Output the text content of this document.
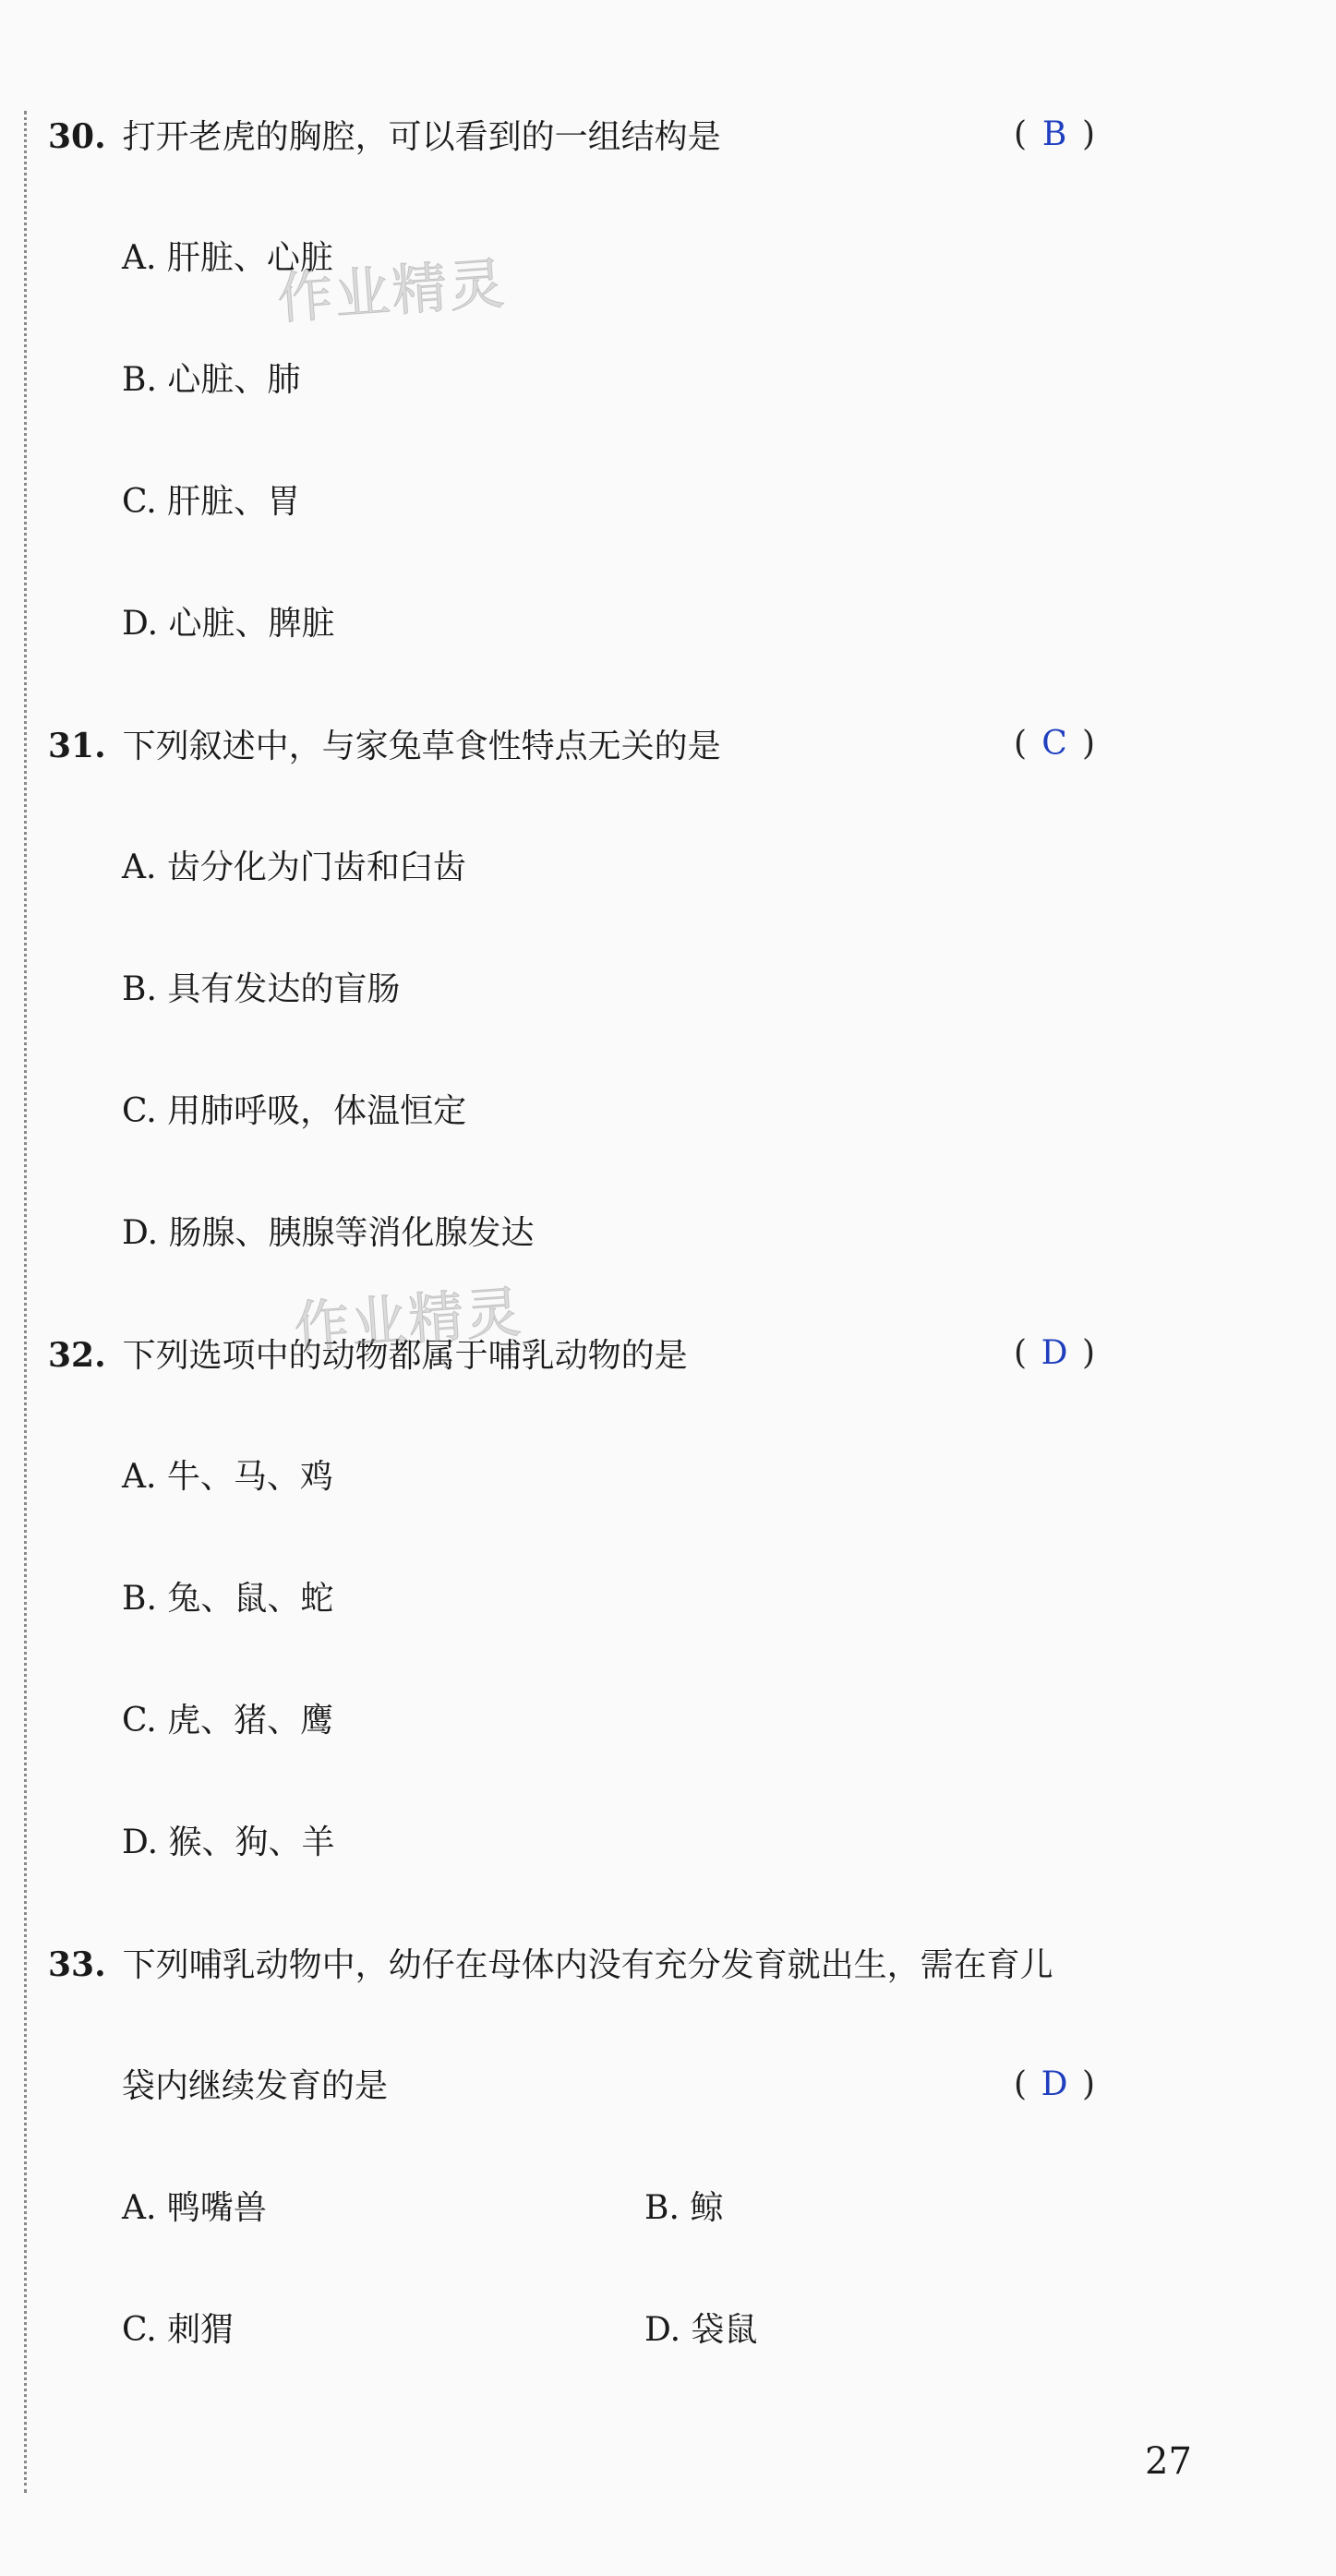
30. 打开老虎的胸腔，可以看到的一组结构是	( B )
A. 肝脏、心脏
B. 心脏、肺
C. 肝脏、胃
D. 心脏、脾脏
31. 下列叙述中，与家兔草食性特点无关的是	( C )
A. 齿分化为门齿和臼齿
B. 具有发达的盲肠
C. 用肺呼吸，体温恒定
D. 肠腺、胰腺等消化腺发达
32. 下列选项中的动物都属于哺乳动物的是	( D )
A. 牛、马、鸡
B. 兔、鼠、蛇
C. 虎、猪、鹰
D. 猴、狗、羊
33. 下列哺乳动物中，幼仔在母体内没有充分发育就出生，需在育儿
袋内继续发育的是	( D )
A. 鸭嘴兽	B. 鲸
C. 刺猬	D. 袋鼠
作业精灵
作业精灵
27
